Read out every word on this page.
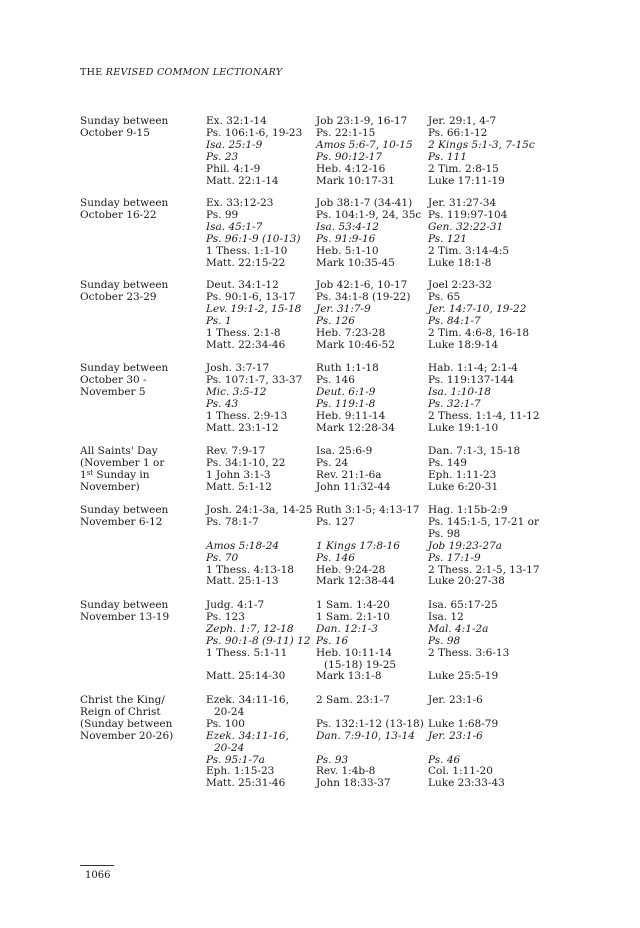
THE REVISED COMMON LECTIONARY
Sunday between
October 9-15
Ex. 32:1-14
Ps. 106:1-6, 19-23
Isa. 25:1-9
Ps. 23
Phil. 4:1-9
Matt. 22:1-14
Job 23:1-9, 16-17
Ps. 22:1-15
Amos 5:6-7, 10-15
Ps. 90:12-17
Heb. 4:12-16
Mark 10:17-31
Jer. 29:1, 4-7
Ps. 66:1-12
2 Kings 5:1-3, 7-15c
Ps. 111
2 Tim. 2:8-15
Luke 17:11-19
Sunday between
October 16-22
Ex. 33:12-23
Ps. 99
Isa. 45:1-7
Ps. 96:1-9 (10-13)
1 Thess. 1:1-10
Matt. 22:15-22
Job 38:1-7 (34-41)
Ps. 104:1-9, 24, 35c
Isa. 53:4-12
Ps. 91:9-16
Heb. 5:1-10
Mark 10:35-45
Jer. 31:27-34
Ps. 119:97-104
Gen. 32:22-31
Ps. 121
2 Tim. 3:14-4:5
Luke 18:1-8
Sunday between
October 23-29
Deut. 34:1-12
Ps. 90:1-6, 13-17
Lev. 19:1-2, 15-18
Ps. 1
1 Thess. 2:1-8
Matt. 22:34-46
Job 42:1-6, 10-17
Ps. 34:1-8 (19-22)
Jer. 31:7-9
Ps. 126
Heb. 7:23-28
Mark 10:46-52
Joel 2:23-32
Ps. 65
Jer. 14:7-10, 19-22
Ps. 84:1-7
2 Tim. 4:6-8, 16-18
Luke 18:9-14
Sunday between
October 30 -
November 5
Josh. 3:7-17
Ps. 107:1-7, 33-37
Mic. 3:5-12
Ps. 43
1 Thess. 2:9-13
Matt. 23:1-12
Ruth 1:1-18
Ps. 146
Deut. 6:1-9
Ps. 119:1-8
Heb. 9:11-14
Mark 12:28-34
Hab. 1:1-4; 2:1-4
Ps. 119:137-144
Isa. 1:10-18
Ps. 32:1-7
2 Thess. 1:1-4, 11-12
Luke 19:1-10
All Saints' Day
(November 1 or
1st Sunday in
November)
Rev. 7:9-17
Ps. 34:1-10, 22
1 John 3:1-3
Matt. 5:1-12
Isa. 25:6-9
Ps. 24
Rev. 21:1-6a
John 11:32-44
Dan. 7:1-3, 15-18
Ps. 149
Eph. 1:11-23
Luke 6:20-31
Sunday between
November 6-12
Josh. 24:1-3a, 14-25
Ps. 78:1-7
Amos 5:18-24
Ps. 70
1 Thess. 4:13-18
Matt. 25:1-13
Ruth 3:1-5; 4:13-17
Ps. 127
1 Kings 17:8-16
Ps. 146
Heb. 9:24-28
Mark 12:38-44
Hag. 1:15b-2:9
Ps. 145:1-5, 17-21 or
Ps. 98
Job 19:23-27a
Ps. 17:1-9
2 Thess. 2:1-5, 13-17
Luke 20:27-38
Sunday between
November 13-19
Judg. 4:1-7
Ps. 123
Zeph. 1:7, 12-18
Ps. 90:1-8 (9-11) 12
1 Thess. 5:1-11
Matt. 25:14-30
1 Sam. 1:4-20
1 Sam. 2:1-10
Dan. 12:1-3
Ps. 16
Heb. 10:11-14
(15-18) 19-25
Mark 13:1-8
Isa. 65:17-25
Isa. 12
Mal. 4:1-2a
Ps. 98
2 Thess. 3:6-13
Luke 25:5-19
Christ the King/
Reign of Christ
(Sunday between
November 20-26)
Ezek. 34:11-16,
20-24
Ps. 100
Ezek. 34:11-16,
20-24
Ps. 95:1-7a
Eph. 1:15-23
Matt. 25:31-46
2 Sam. 23:1-7
Ps. 132:1-12 (13-18)
Dan. 7:9-10, 13-14
Ps. 93
Rev. 1:4b-8
John 18:33-37
Jer. 23:1-6
Luke 1:68-79
Jer. 23:1-6
Ps. 46
Col. 1:11-20
Luke 23:33-43
1066
